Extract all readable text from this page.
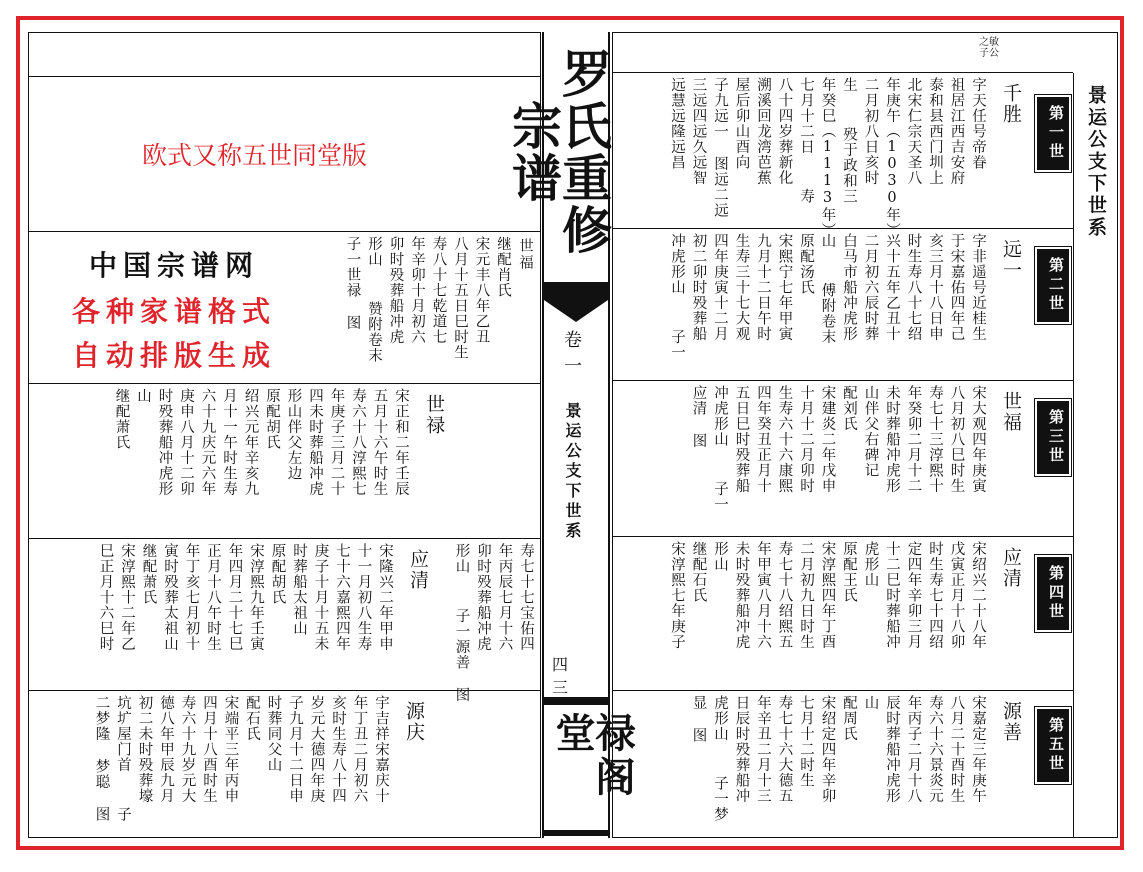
欧式又称五世同堂版
中国宗谱网
各种家谱格式
自动排版生成
世福
继配肖氏
宋元丰八年乙丑
八月十五日巳时生
寿八十七乾道七
年辛卯十月初六
卯时殁葬船冲虎
形山  赞附卷末
子一世禄 图
世禄
宋正和二年壬辰
五月十六午时生
寿六十八淳熙七
年庚子三月二十
四未时葬船冲虎
形山伴父左边
原配胡氏
绍兴元年辛亥九
月十一午时生寿
六十九庆元六年
庚申八月十二卯
时殁葬船冲虎形
山
继配萧氏
寿七十七宝佑四
年丙辰七月十六
卯时殁葬船冲虎
形山  子一源善 图
应清
宋隆兴二年甲申
十一月初八生寿
七十六嘉熙四年
庚子十月十五未
时葬船太祖山
原配胡氏
宋淳熙九年壬寅
年四月二十七巳
正月十八午时生
年丁亥七月初十
寅时殁葬太祖山
继配萧氏
宋淳熙十二年乙
巳正月十六巳时
源庆
宇吉祥宋嘉庆十
年丁丑二月初六
亥时生寿八十四
岁元大德四年庚
子九月十二日申
时葬同父山
配石氏
宋端平三年丙申
四月十八酉时生
寿六十九岁元大
德八年甲辰九月
初二未时殁葬壕
坑圹屋门首  子
二梦隆 梦聪 图
罗氏重修宗谱
卷一
景运公支下世系
四三
禄阁堂
之敏子公
景运公支下世系
第一世
千胜
字天任号帝眷
祖居江西吉安府
泰和县西门圳上
北宋仁宗天圣八
年庚午（1030年）
二月初八日亥时
生  殁于政和三
年癸巳（1113年）
七月十二日  寿
八十四岁葬新化
溯溪回龙湾芭蕉
屋后卯山酉向
子九远一 图远二远
三远四远久远智
远慧远隆远昌
第二世
远一
字非遥号近桂生
于宋嘉佑四年己
亥三月十八日申
时生寿八十七绍
兴十五年乙丑十
二月初六辰时葬
白马市船冲虎形
山  傅附卷末
原配汤氏
宋熙宁七年甲寅
九月十二日午时
生寿三十七大观
四年庚寅十二月
初二卯时殁葬船
冲虎形山  子一
第三世
世福
宋大观四年庚寅
八月初八巳时生
寿七十三淳熙十
年癸卯二月十二
未时葬船冲虎形
山伴父右碑记
配刘氏
宋建炎二年戊申
十月十二月卯时
生寿六十六康熙
四年癸丑正月十
五日巳时殁葬船
冲虎形山  子一
应清 图
第四世
应清
宋绍兴二十八年
戊寅正月十八卯
时生寿七十四绍
定四年辛卯三月
十二巳时葬船冲
虎形山
原配王氏
宋淳熙四年丁酉
二月初九日时生
寿七十八绍熙五
年甲寅八月十六
未时殁葬船冲虎
形山
继配石氏
宋淳熙七年庚子
第五世
源善
宋嘉定三年庚午
八月二十酉时生
寿六十六景炎元
年丙子二月十八
辰时葬船冲虎形
山
配周氏
宋绍定四年辛卯
七月十二时生
寿七十六大德五
年辛丑二月十三
日辰时殁葬船冲
虎形山  子一梦
显 图
